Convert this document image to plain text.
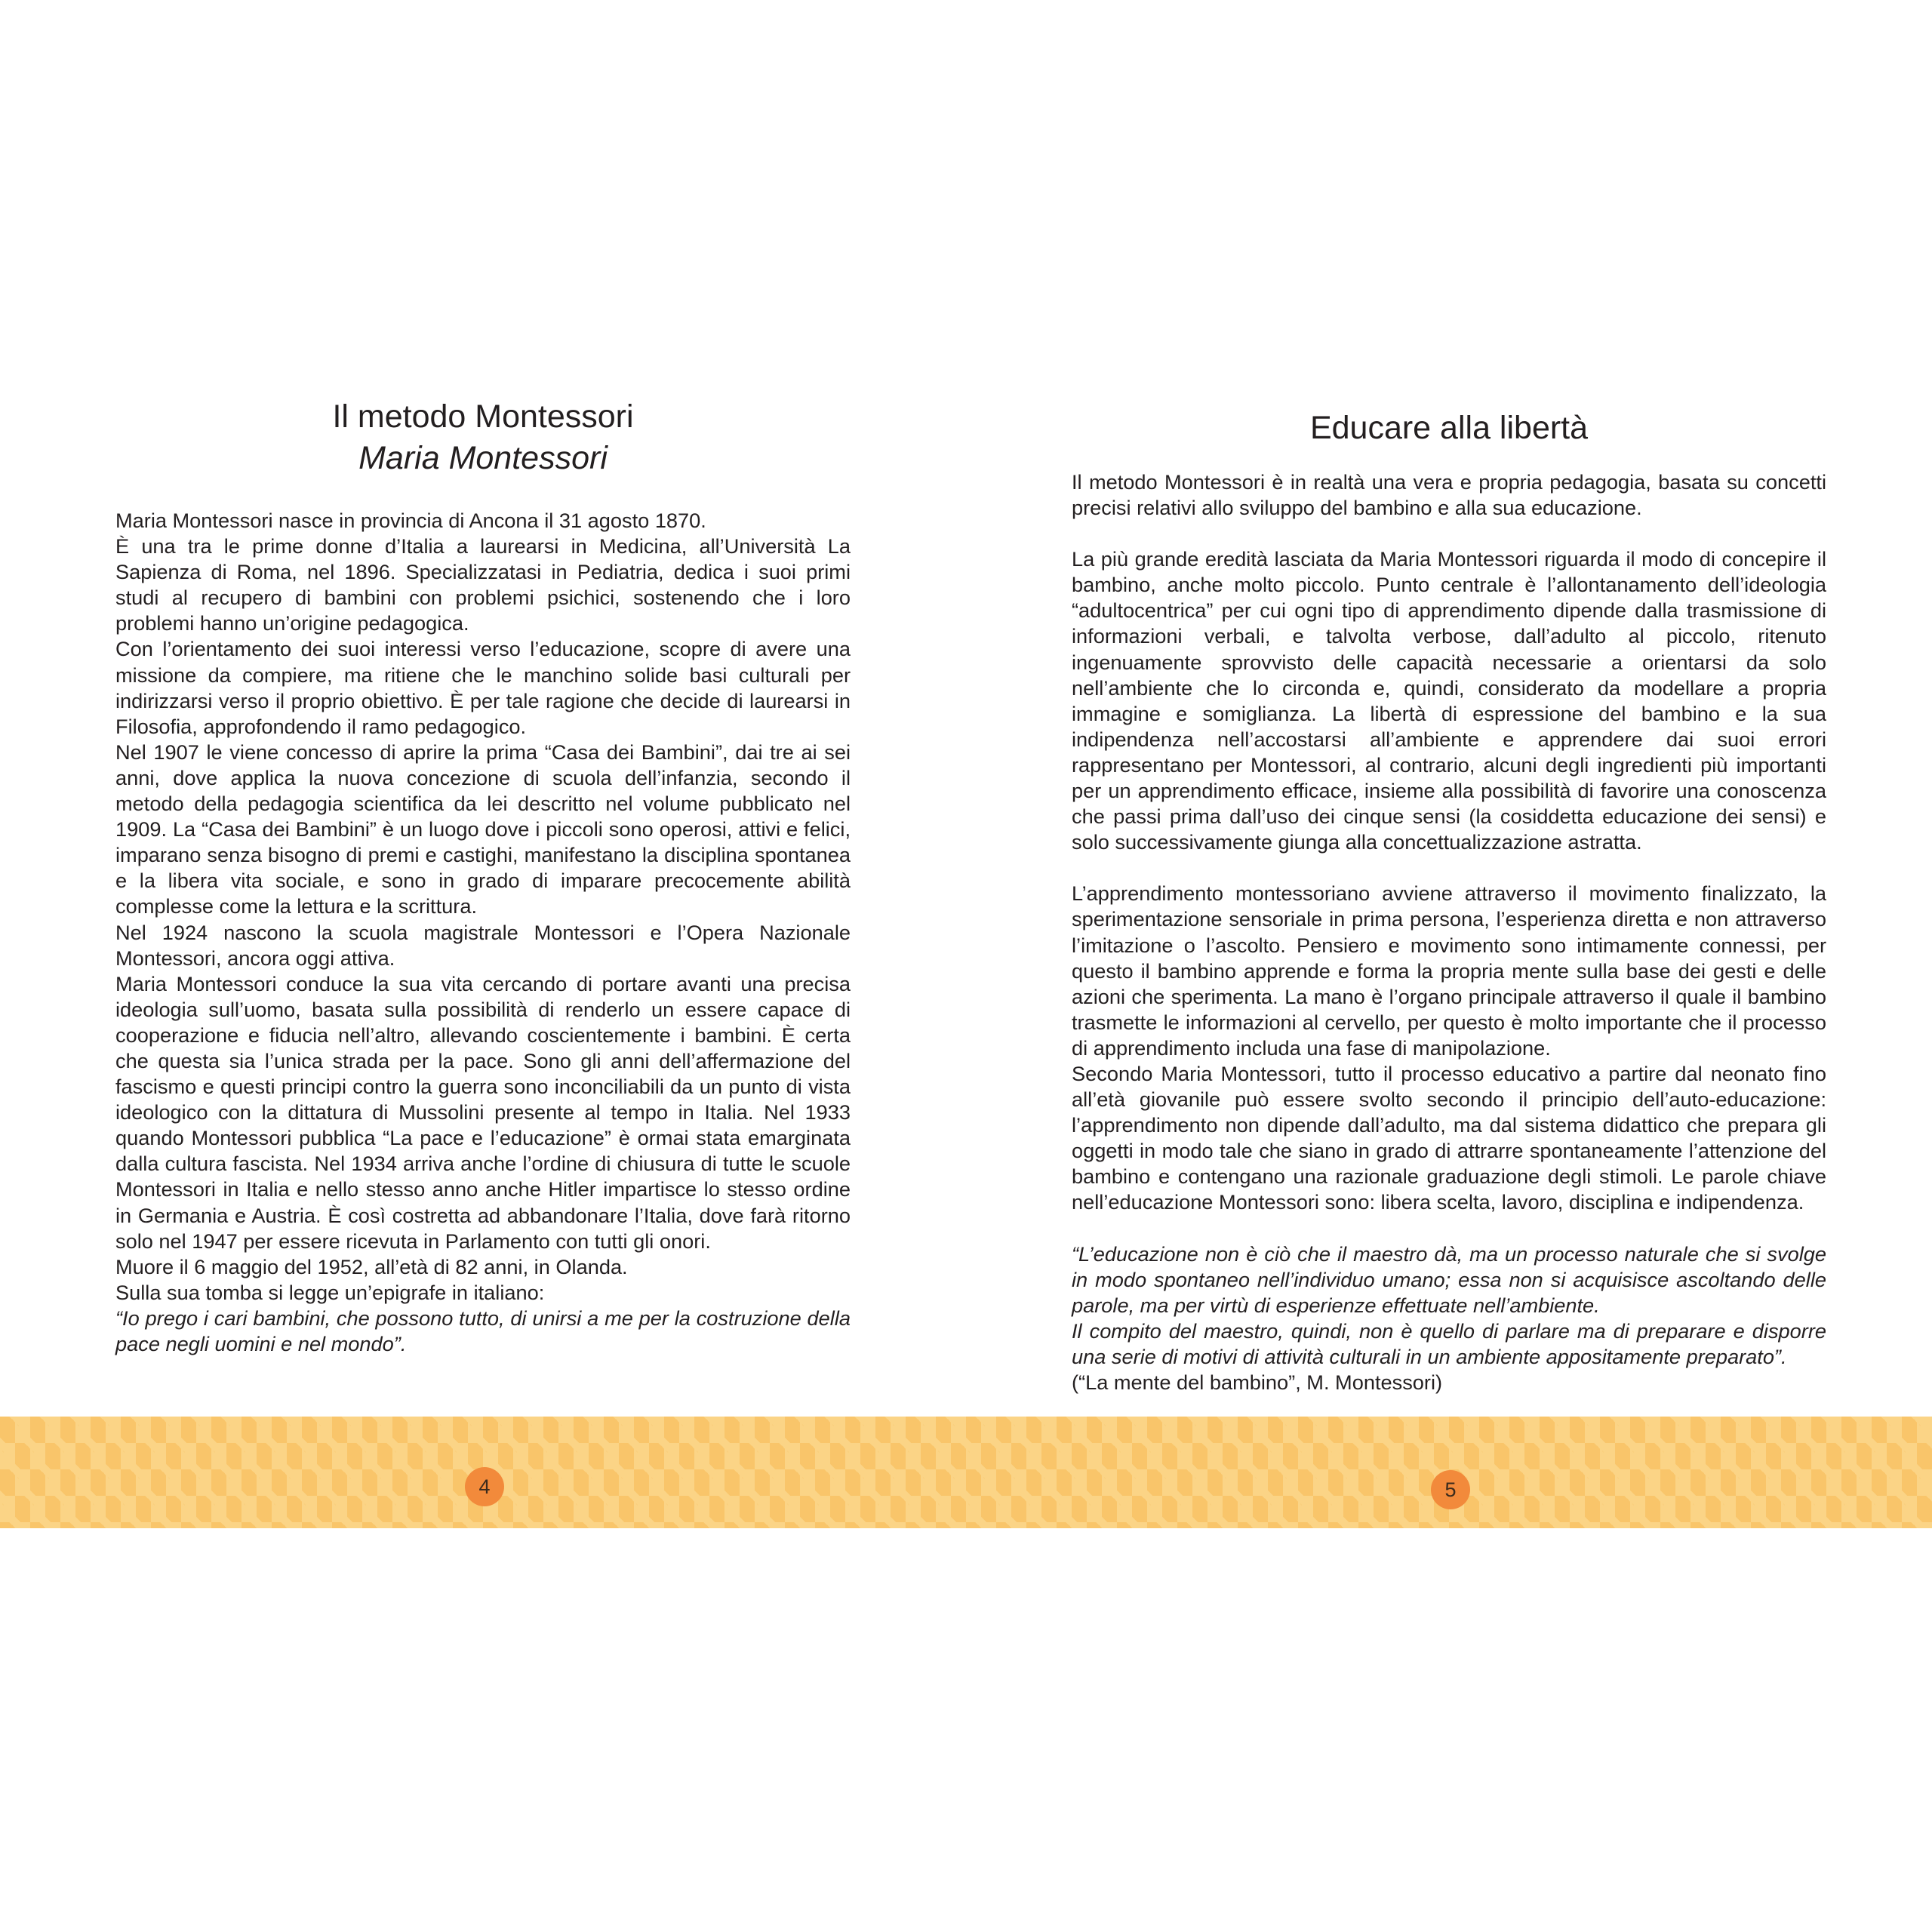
Il metodo Montessori
Maria Montessori

Maria Montessori nasce in provincia di Ancona il 31 agosto 1870.

È una tra le prime donne d’Italia a laurearsi in Medicina, all’Università La Sapienza di Roma, nel 1896. Specializzatasi in Pediatria, dedica i suoi primi studi al recupero di bambini con problemi psichici, sostenendo che i loro problemi hanno un’origine pedagogica.

Con l’orientamento dei suoi interessi verso l’educazione, scopre di avere una missione da compiere, ma ritiene che le manchino solide basi culturali per indirizzarsi verso il proprio obiettivo. È per tale ragione che decide di laurearsi in Filosofia, approfondendo il ramo pedagogico.

Nel 1907 le viene concesso di aprire la prima “Casa dei Bambini”, dai tre ai sei anni, dove applica la nuova concezione di scuola dell’infanzia, secondo il metodo della pedagogia scientifica da lei descritto nel volume pubblicato nel 1909. La “Casa dei Bambini” è un luogo dove i piccoli sono operosi, attivi e felici, imparano senza bisogno di premi e castighi, manifestano la disciplina spontanea e la libera vita sociale, e sono in grado di imparare precocemente abilità complesse come la lettura e la scrittura.

Nel 1924 nascono la scuola magistrale Montessori e l’Opera Nazionale Montessori, ancora oggi attiva.

Maria Montessori conduce la sua vita cercando di portare avanti una precisa ideologia sull’uomo, basata sulla possibilità di renderlo un essere capace di cooperazione e fiducia nell’altro, allevando coscientemente i bambini. È certa che questa sia l’unica strada per la pace. Sono gli anni dell’affermazione del fascismo e questi principi contro la guerra sono inconciliabili da un punto di vista ideologico con la dittatura di Mussolini presente al tempo in Italia. Nel 1933 quando Montessori pubblica “La pace e l’educazione” è ormai stata emarginata dalla cultura fascista. Nel 1934 arriva anche l’ordine di chiusura di tutte le scuole Montessori in Italia e nello stesso anno anche Hitler impartisce lo stesso ordine in Germania e Austria. È così costretta ad abbandonare l’Italia, dove farà ritorno solo nel 1947 per essere ricevuta in Parlamento con tutti gli onori.

Muore il 6 maggio del 1952, all’età di 82 anni, in Olanda.

Sulla sua tomba si legge un’epigrafe in italiano:

“Io prego i cari bambini, che possono tutto, di unirsi a me per la costruzione della pace negli uomini e nel mondo”.

Educare alla libertà

Il metodo Montessori è in realtà una vera e propria pedagogia, basata su concetti precisi relativi allo sviluppo del bambino e alla sua educazione.

La più grande eredità lasciata da Maria Montessori riguarda il modo di concepire il bambino, anche molto piccolo. Punto centrale è l’allontanamento dell’ideologia “adultocentrica” per cui ogni tipo di apprendimento dipende dalla trasmissione di informazioni verbali, e talvolta verbose, dall’adulto al piccolo, ritenuto ingenuamente sprovvisto delle capacità necessarie a orientarsi da solo nell’ambiente che lo circonda e, quindi, considerato da modellare a propria immagine e somiglianza. La libertà di espressione del bambino e la sua indipendenza nell’accostarsi all’ambiente e apprendere dai suoi errori rappresentano per Montessori, al contrario, alcuni degli ingredienti più importanti per un apprendimento efficace, insieme alla possibilità di favorire una conoscenza che passi prima dall’uso dei cinque sensi (la cosiddetta educazione dei sensi) e solo successivamente giunga alla concettualizzazione astratta.

L’apprendimento montessoriano avviene attraverso il movimento finalizzato, la sperimentazione sensoriale in prima persona, l’esperienza diretta e non attraverso l’imitazione o l’ascolto. Pensiero e movimento sono intimamente connessi, per questo il bambino apprende e forma la propria mente sulla base dei gesti e delle azioni che sperimenta. La mano è l’organo principale attraverso il quale il bambino trasmette le informazioni al cervello, per questo è molto importante che il processo di apprendimento includa una fase di manipolazione.

Secondo Maria Montessori, tutto il processo educativo a partire dal neonato fino all’età giovanile può essere svolto secondo il principio dell’auto-educazione: l’apprendimento non dipende dall’adulto, ma dal sistema didattico che prepara gli oggetti in modo tale che siano in grado di attrarre spontaneamente l’attenzione del bambino e contengano una razionale graduazione degli stimoli. Le parole chiave nell’educazione Montessori sono: libera scelta, lavoro, disciplina e indipendenza.

“L’educazione non è ciò che il maestro dà, ma un processo naturale che si svolge in modo spontaneo nell’individuo umano; essa non si acquisisce ascoltando delle parole, ma per virtù di esperienze effettuate nell’ambiente.

Il compito del maestro, quindi, non è quello di parlare ma di preparare e disporre una serie di motivi di attività culturali in un ambiente appositamente preparato”.

(“La mente del bambino”, M. Montessori)

4	5
